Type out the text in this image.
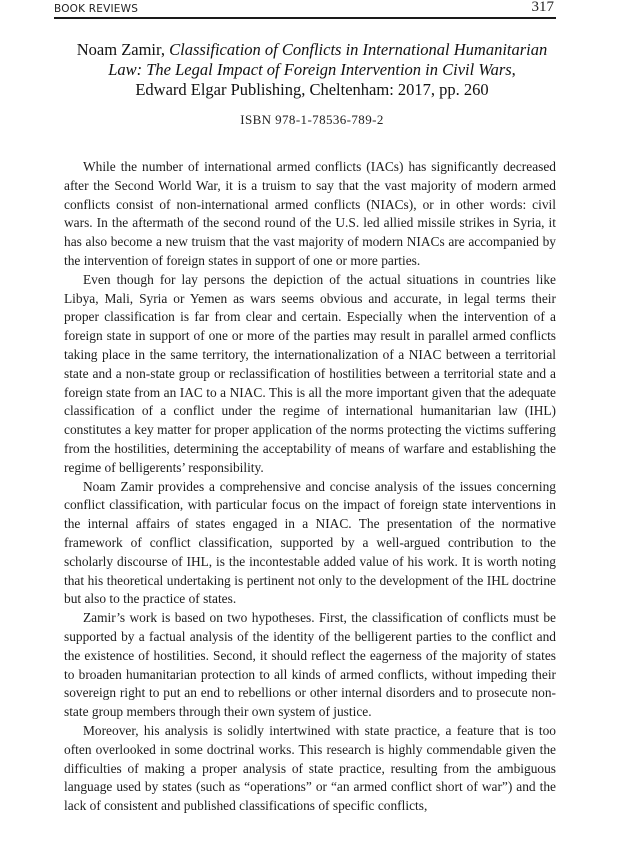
BOOK REVIEWS	317
Noam Zamir, Classification of Conflicts in International Humanitarian
Law: The Legal Impact of Foreign Intervention in Civil Wars,
Edward Elgar Publishing, Cheltenham: 2017, pp. 260
ISBN 978-1-78536-789-2

While the number of international armed conflicts (IACs) has significantly decreased after the Second World War, it is a truism to say that the vast majority of modern armed conflicts consist of non-international armed conflicts (NIACs), or in other words: civil wars. In the aftermath of the second round of the U.S. led allied missile strikes in Syria, it has also become a new truism that the vast majority of modern NIACs are accompanied by the intervention of foreign states in support of one or more parties.

Even though for lay persons the depiction of the actual situations in countries like Libya, Mali, Syria or Yemen as wars seems obvious and accurate, in legal terms their proper classification is far from clear and certain. Especially when the intervention of a foreign state in support of one or more of the parties may result in parallel armed conflicts taking place in the same territory, the internationalization of a NIAC between a territorial state and a non-state group or reclassification of hostilities between a territorial state and a foreign state from an IAC to a NIAC. This is all the more important given that the adequate classification of a conflict under the regime of international humanitarian law (IHL) constitutes a key matter for proper application of the norms protecting the victims suffering from the hostilities, determining the acceptability of means of warfare and establishing the regime of belligerents’ responsibility.

Noam Zamir provides a comprehensive and concise analysis of the issues concerning conflict classification, with particular focus on the impact of foreign state interventions in the internal affairs of states engaged in a NIAC. The presentation of the normative framework of conflict classification, supported by a well-argued contribution to the scholarly discourse of IHL, is the incontestable added value of his work. It is worth noting that his theoretical undertaking is pertinent not only to the development of the IHL doctrine but also to the practice of states.

Zamir’s work is based on two hypotheses. First, the classification of conflicts must be supported by a factual analysis of the identity of the belligerent parties to the conflict and the existence of hostilities. Second, it should reflect the eagerness of the majority of states to broaden humanitarian protection to all kinds of armed conflicts, without impeding their sovereign right to put an end to rebellions or other internal disorders and to prosecute non-state group members through their own system of justice.

Moreover, his analysis is solidly intertwined with state practice, a feature that is too often overlooked in some doctrinal works. This research is highly commendable given the difficulties of making a proper analysis of state practice, resulting from the ambiguous language used by states (such as “operations” or “an armed conflict short of war”) and the lack of consistent and published classifications of specific conflicts,
